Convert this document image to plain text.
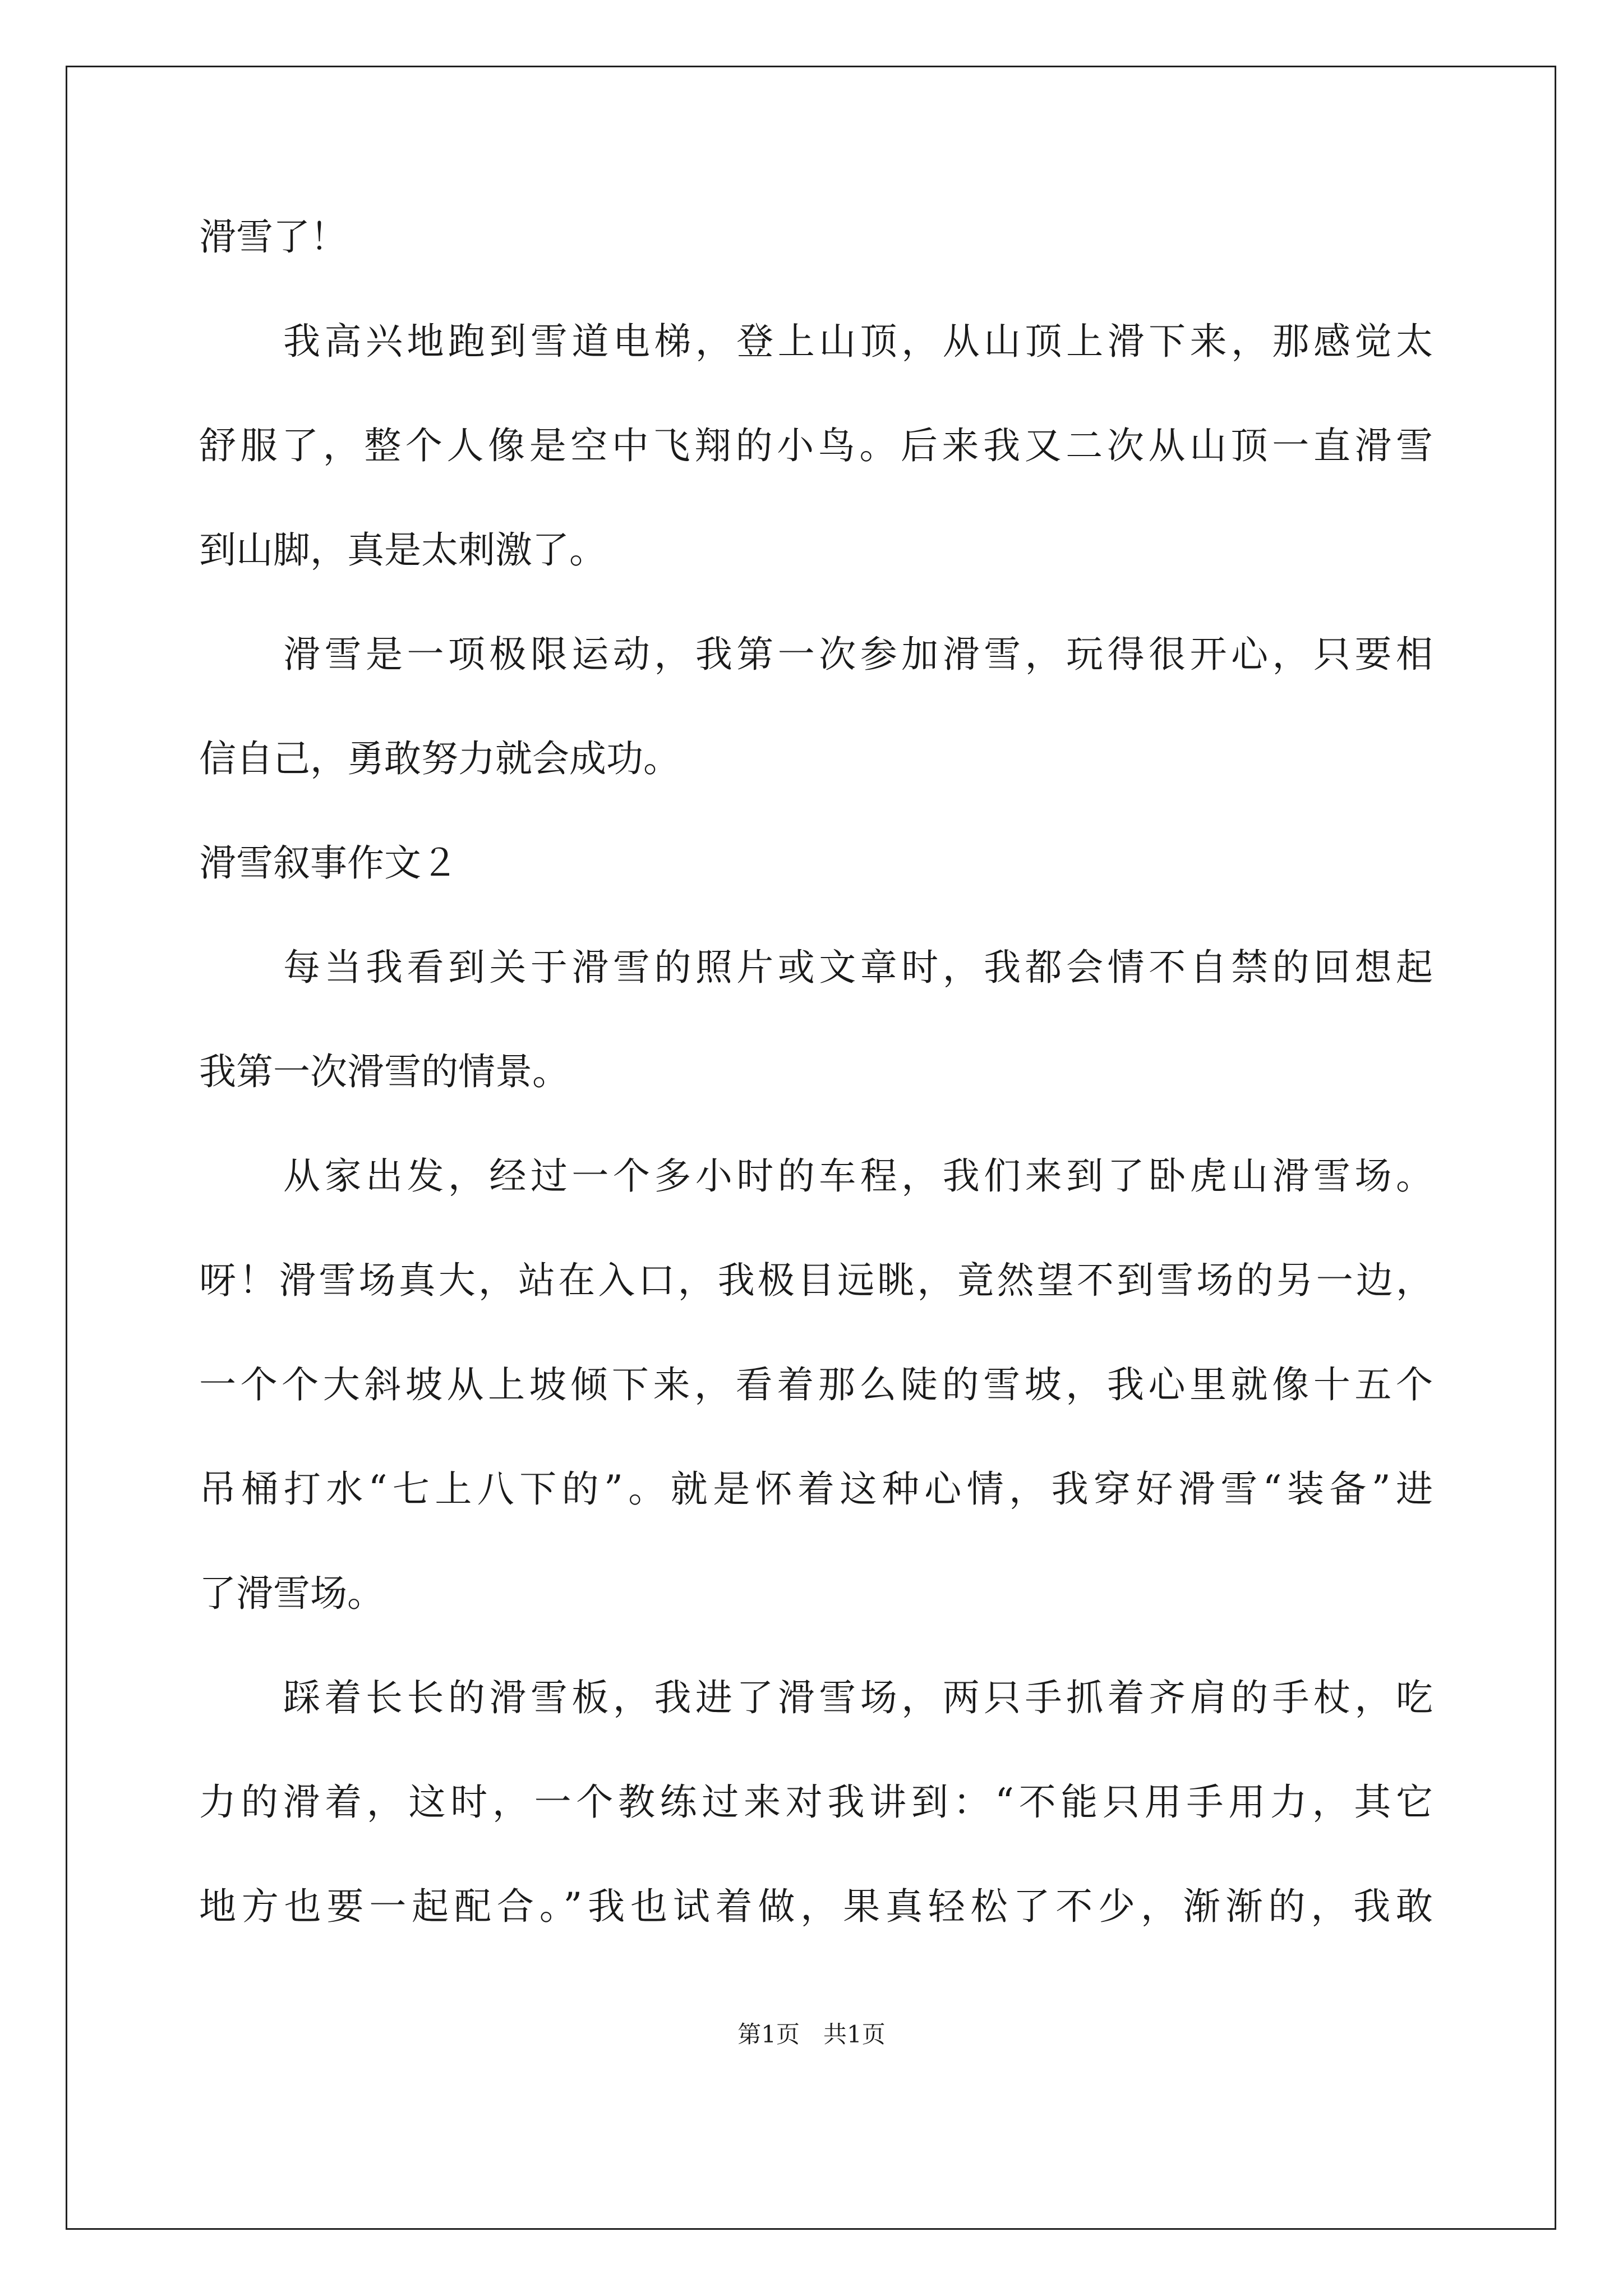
滑雪了！
我高兴地跑到雪道电梯，登上山顶，从山顶上滑下来，那感觉太
舒服了，整个人像是空中飞翔的小鸟。后来我又二次从山顶一直滑雪
到山脚，真是太刺激了。
滑雪是一项极限运动，我第一次参加滑雪，玩得很开心，只要相
信自己，勇敢努力就会成功。
滑雪叙事作文２
每当我看到关于滑雪的照片或文章时，我都会情不自禁的回想起
我第一次滑雪的情景。
从家出发，经过一个多小时的车程，我们来到了卧虎山滑雪场。
呀！滑雪场真大，站在入口，我极目远眺，竟然望不到雪场的另一边，
一个个大斜坡从上坡倾下来，看着那么陡的雪坡，我心里就像十五个
吊桶打水“七上八下的”。就是怀着这种心情，我穿好滑雪“装备”进
了滑雪场。
踩着长长的滑雪板，我进了滑雪场，两只手抓着齐肩的手杖，吃
力的滑着，这时，一个教练过来对我讲到：“不能只用手用力，其它
地方也要一起配合。”我也试着做，果真轻松了不少，渐渐的，我敢
第1页　共1页
